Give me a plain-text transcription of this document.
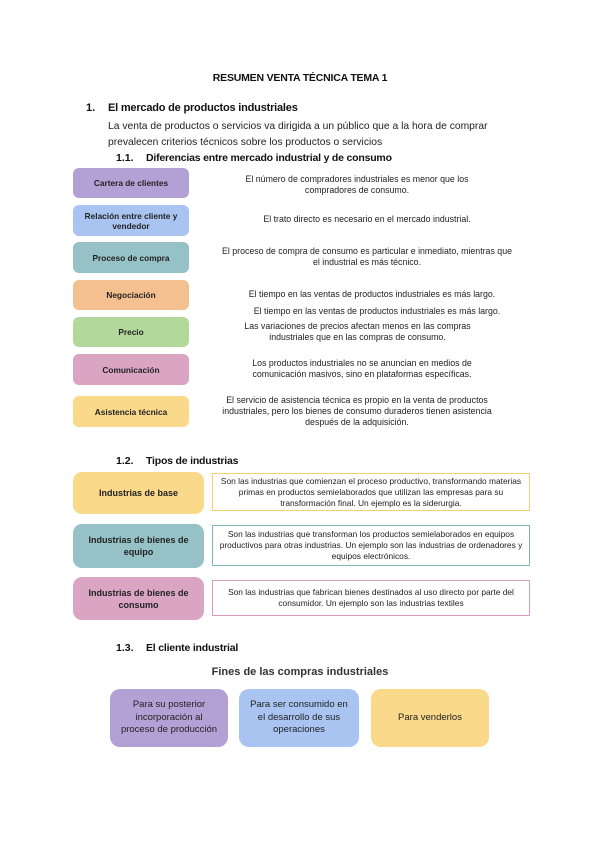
RESUMEN VENTA TÉCNICA TEMA 1
1. El mercado de productos industriales
La venta de productos o servicios va dirigida a un público que a la hora de comprar prevalecen criterios técnicos sobre los productos o servicios
1.1. Diferencias entre mercado industrial y de consumo
Cartera de clientes	El número de compradores industriales es menor que los compradores de consumo.
Relación entre cliente y vendedor
El trato directo es necesario en el mercado industrial.
Proceso de compra
El proceso de compra de consumo es particular e inmediato, mientras que el industrial es más técnico.
Negociación	El tiempo en las ventas de productos industriales es más largo.
El tiempo en las ventas de productos industriales es más largo.
Precio
Las variaciones de precios afectan menos en las compras industriales que en las compras de consumo.
Comunicación
Los productos industriales no se anuncian en medios de comunicación masivos, sino en plataformas específicas.
Asistencia técnica
El servicio de asistencia técnica es propio en la venta de productos industriales, pero los bienes de consumo duraderos tienen asistencia después de la adquisición.
1.2. Tipos de industrias
Industrias de base
Son las industrias que comienzan el proceso productivo, transformando materias primas en productos semielaborados que utilizan las empresas para su transformación final. Un ejemplo es la siderurgia.
Industrias de bienes de equipo
Son las industrias que transforman los productos semielaborados en equipos productivos para otras industrias. Un ejemplo son las industrias de ordenadores y equipos electrónicos.
Industrias de bienes de consumo
Son las industrias que fabrican bienes destinados al uso directo por parte del consumidor. Un ejemplo son las industrias textiles
1.3. El cliente industrial
Fines de las compras industriales
Para su posterior incorporación al proceso de producción
Para ser consumido en el desarrollo de sus operaciones
Para venderlos
